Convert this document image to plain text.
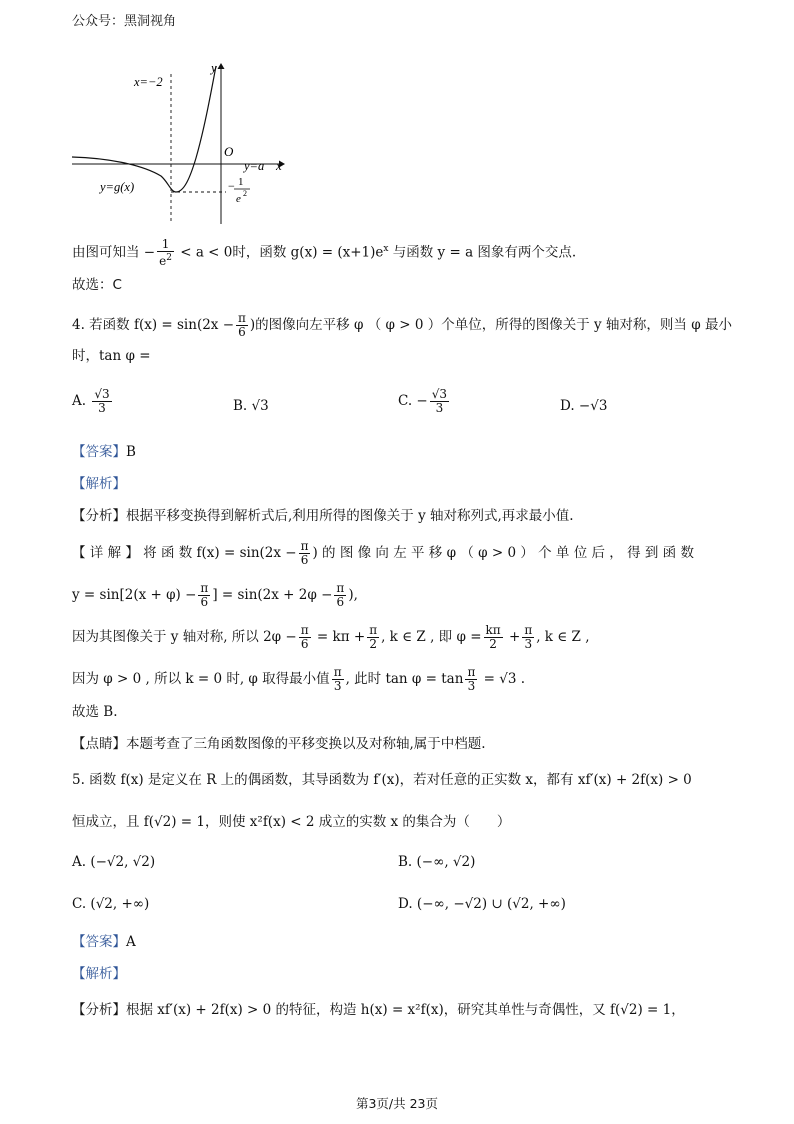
公众号：黑洞视角
y
x
O
x=−2
y=g(x)
y=a
− 1
e 2
由图可知当 − $\frac{1}{e^2} < a < 0$时，函数 $g(x) = (x+1)e^x$ 与函数 y = a 图象有两个交点.
故选：C
4. 若函数 $f(x) = \sin(2x - \frac{\pi}{6}$ )的图像向左平移 φ （ φ > 0 ）个单位，所得的图像关于 y 轴对称，则当 φ 最小
时，tan φ =
A. $\frac{√3}{3}$	B. √3	C. − $\frac{√3}{3}$	D. −√3
【答案】B
【解析】
【分析】根据平移变换得到解析式后,利用所得的图像关于 y 轴对称列式,再求最小值.
【 详 解 】 将 函 数 $f(x) = \sin(2x - \frac{\pi}{6}$ ) 的 图 像 向 左 平 移 φ （ φ > 0 ） 个 单 位 后 ， 得 到 函 数
$y = \sin[2(x + \varphi) - \frac{\pi}{6}$ ] = $\sin(2x + 2\varphi - \frac{\pi}{6}$ ),
因为其图像关于 y 轴对称, 所以 $2\varphi - \frac{\pi}{6} = k\pi + \frac{\pi}{2}$ , k ∈ Z , 即 $\varphi = \frac{k\pi}{2} + \frac{\pi}{3}$ , k ∈ Z ,
因为 φ > 0 , 所以 k = 0 时, φ 取得最小值 $\frac{\pi}{3}$ , 此时 $\tan \varphi = \tan \frac{\pi}{3} = √3$ .
故选 B.
【点睛】本题考查了三角函数图像的平移变换以及对称轴,属于中档题.
5. 函数 f(x) 是定义在 R 上的偶函数，其导函数为 f′(x)，若对任意的正实数 x，都有 xf′(x) + 2f(x) > 0
恒成立，且 f(√2) = 1，则使 x²f(x) < 2 成立的实数 x 的集合为（　　）
A. (−√2, √2)	B. (−∞, √2)
C. (√2, +∞)	D. (−∞, −√2) ∪ (√2, +∞)
【答案】A
【解析】
【分析】根据 xf′(x) + 2f(x) > 0 的特征，构造 h(x) = x²f(x)，研究其单性与奇偶性，又 f(√2) = 1，
第3页/共 23页
